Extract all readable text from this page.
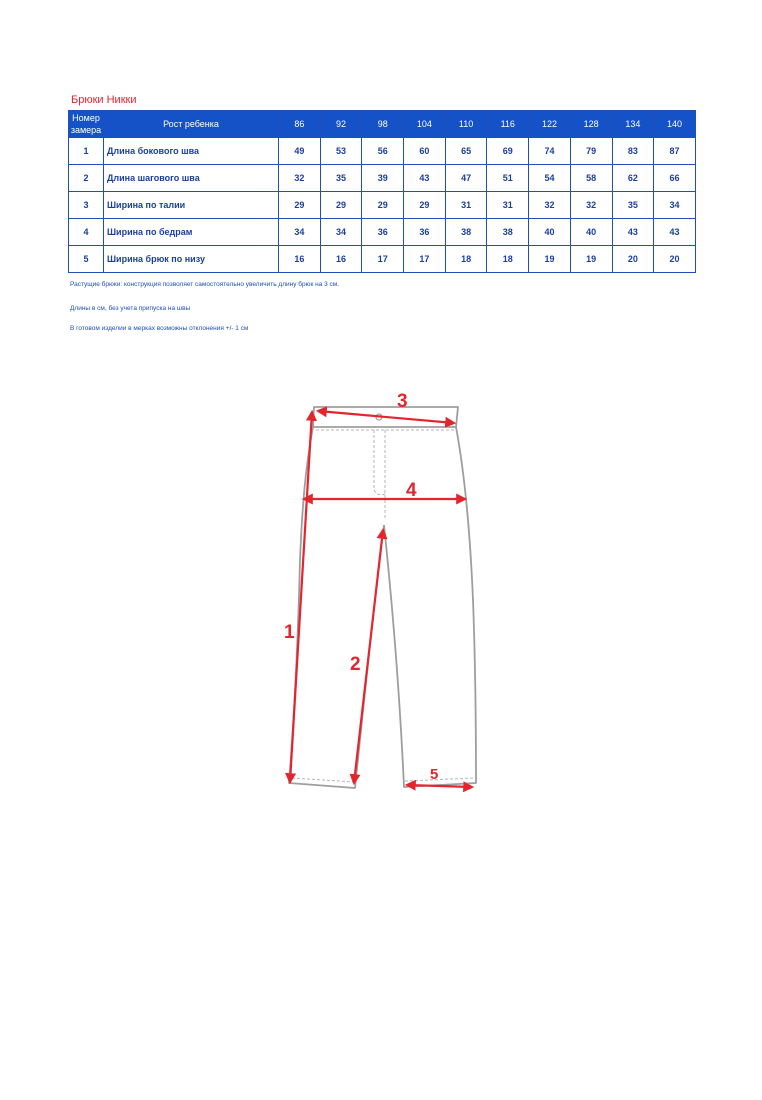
Брюки Никки
Номер замера	Рост ребенка	86	92	98	104	110	116	122	128	134	140
1	Длина бокового шва	49	53	56	60	65	69	74	79	83	87
2	Длина шагового шва	32	35	39	43	47	51	54	58	62	66
3	Ширина по талии	29	29	29	29	31	31	32	32	35	34
4	Ширина по бедрам	34	34	36	36	38	38	40	40	43	43
5	Ширина брюк по низу	16	16	17	17	18	18	19	19	20	20
Растущие брюки: конструкция позволяет самостоятельно увеличить длину брюк на 3 см.
Длины в см, без учета припуска на швы
В готовом изделии в мерках возможны отклонения +/- 1 см
1
2
3
4
5
